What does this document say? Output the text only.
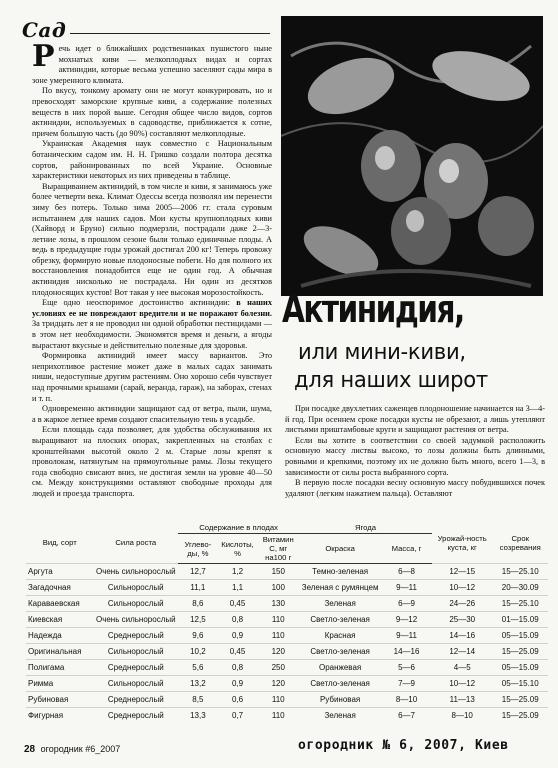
Сад

Речь идет о ближайших родственниках пушистого ныне мохнатых киви — мелкоплодных видах и сортах актинидии, которые весьма успешно заселяют сады мира в зоне умеренного климата.

По вкусу, тонкому аромату они не могут конкурировать, но и превосходят заморские крупные киви, а содержание полезных веществ в них порой выше. Сегодня общее число видов, сортов актинидии, используемых в садоводстве, приближается к сотне, причем большую часть (до 90%) составляют мелкоплодные.

Украинская Академия наук совместно с Национальным ботаническим садом им. Н. Н. Гришко создали полтора десятка сортов, районированных по всей Украине. Основные характеристики некоторых из них приведены в таблице.

Выращиванием актинидий, в том числе и киви, я занимаюсь уже более четверти века. Климат Одессы всегда позволял им перенести зиму без потерь. Только зима 2005—2006 гг. стала суровым испытанием для наших садов. Мои кусты крупноплодных киви (Хайворд и Бруно) сильно подмерзли, пострадали даже 2—3-летние лозы, в прошлом сезоне были только единичные плоды. А ведь в предыдущие годы урожай достигал 200 кг! Теперь провожу обрезку, формирую новые плодоносные побеги. Но для полного их восстановления понадобится еще не один год. А обычная актинидия нисколько не пострадала. Ни один из десятков плодоносящих кустов! Вот такая у нее высокая морозостойкость.

Еще одно неоспоримое достоинство актинидии: в наших условиях ее не повреждают вредители и не поражают болезни. За тридцать лет я не проводил ни одной обработки пестицидами — в этом нет необходимости. Экономятся время и деньги, а ягоды вырастают вкусные и действительно полезные для здоровья.

Формировка актинидий имеет массу вариантов. Это неприхотливое растение может даже в малых садах занимать ниши, недоступные другим растениям. Оно хорошо себя чувствует над прочными крышами (сарай, веранда, гараж), на заборах, стенах и т. п.

Одновременно актинидии защищают сад от ветра, пыли, шума, а в жаркое летнее время создают спасительную тень в усадьбе.

Если площадь сада позволяет, для удобства обслуживания их выращивают на плоских опорах, закрепленных на столбах с кронштейнами высотой около 2 м. Старые лозы крепят к проволокам, натянутым на прямоугольные рамы. Лозы текущего года свободно свисают вниз, не достигая земли на уровне 40—50 см. Между конструкциями оставляют свободные проходы для людей и проезда транспорта.

Актинидия,
или мини-киви,
для наших широт

При посадке двухлетних саженцев плодоношение начинается на 3—4-й год. При осеннем сроке посадки кусты не обрезают, а лишь утепляют листьями приштамбовые круги и защищают растения от ветра.

Если вы хотите в соответствии со своей задумкой расположить основную массу листвы высоко, то лозы должны быть длинными, ровными и крепкими, поэтому их не должно быть много, всего 1—3, в зависимости от силы роста выбранного сорта.

В первую после посадки весну основную массу побудившихся почек удаляют (легким нажатием пальца). Оставляют

Вид, сорт	Сила роста	Содержание в плодах			Ягода		Урожай-ность куста, кг	Срок созревания
		Углево-ды, %	Кислоты, %	Витамин С, мг на100 г	Окраска	Масса, г		
Аргута	Очень сильнорослый	12,7	1,2	150	Темно-зеленая	6—8	12—15	15—25.10
Загадочная	Сильнорослый	11,1	1,1	100	Зеленая с румянцем	9—11	10—12	20—30.09
Караваевская	Сильнорослый	8,6	0,45	130	Зеленая	6—9	24—26	15—25.10
Киевская	Очень сильнорослый	12,5	0,8	110	Светло-зеленая	9—12	25—30	01—15.09
Надежда	Среднерослый	9,6	0,9	110	Красная	9—11	14—16	05—15.09
Оригинальная	Сильнорослый	10,2	0,45	120	Светло-зеленая	14—16	12—14	15—25.09
Полигама	Среднерослый	5,6	0,8	250	Оранжевая	5—6	4—5	05—15.09
Римма	Сильнорослый	13,2	0,9	120	Светло-зеленая	7—9	10—12	05—15.10
Рубиновая	Среднерослый	8,5	0,6	110	Рубиновая	8—10	11—13	15—25.09
Фигурная	Среднерослый	13,3	0,7	110	Зеленая	6—7	8—10	15—25.09
28 огородник #6_2007	огородник № 6, 2007, Киев
